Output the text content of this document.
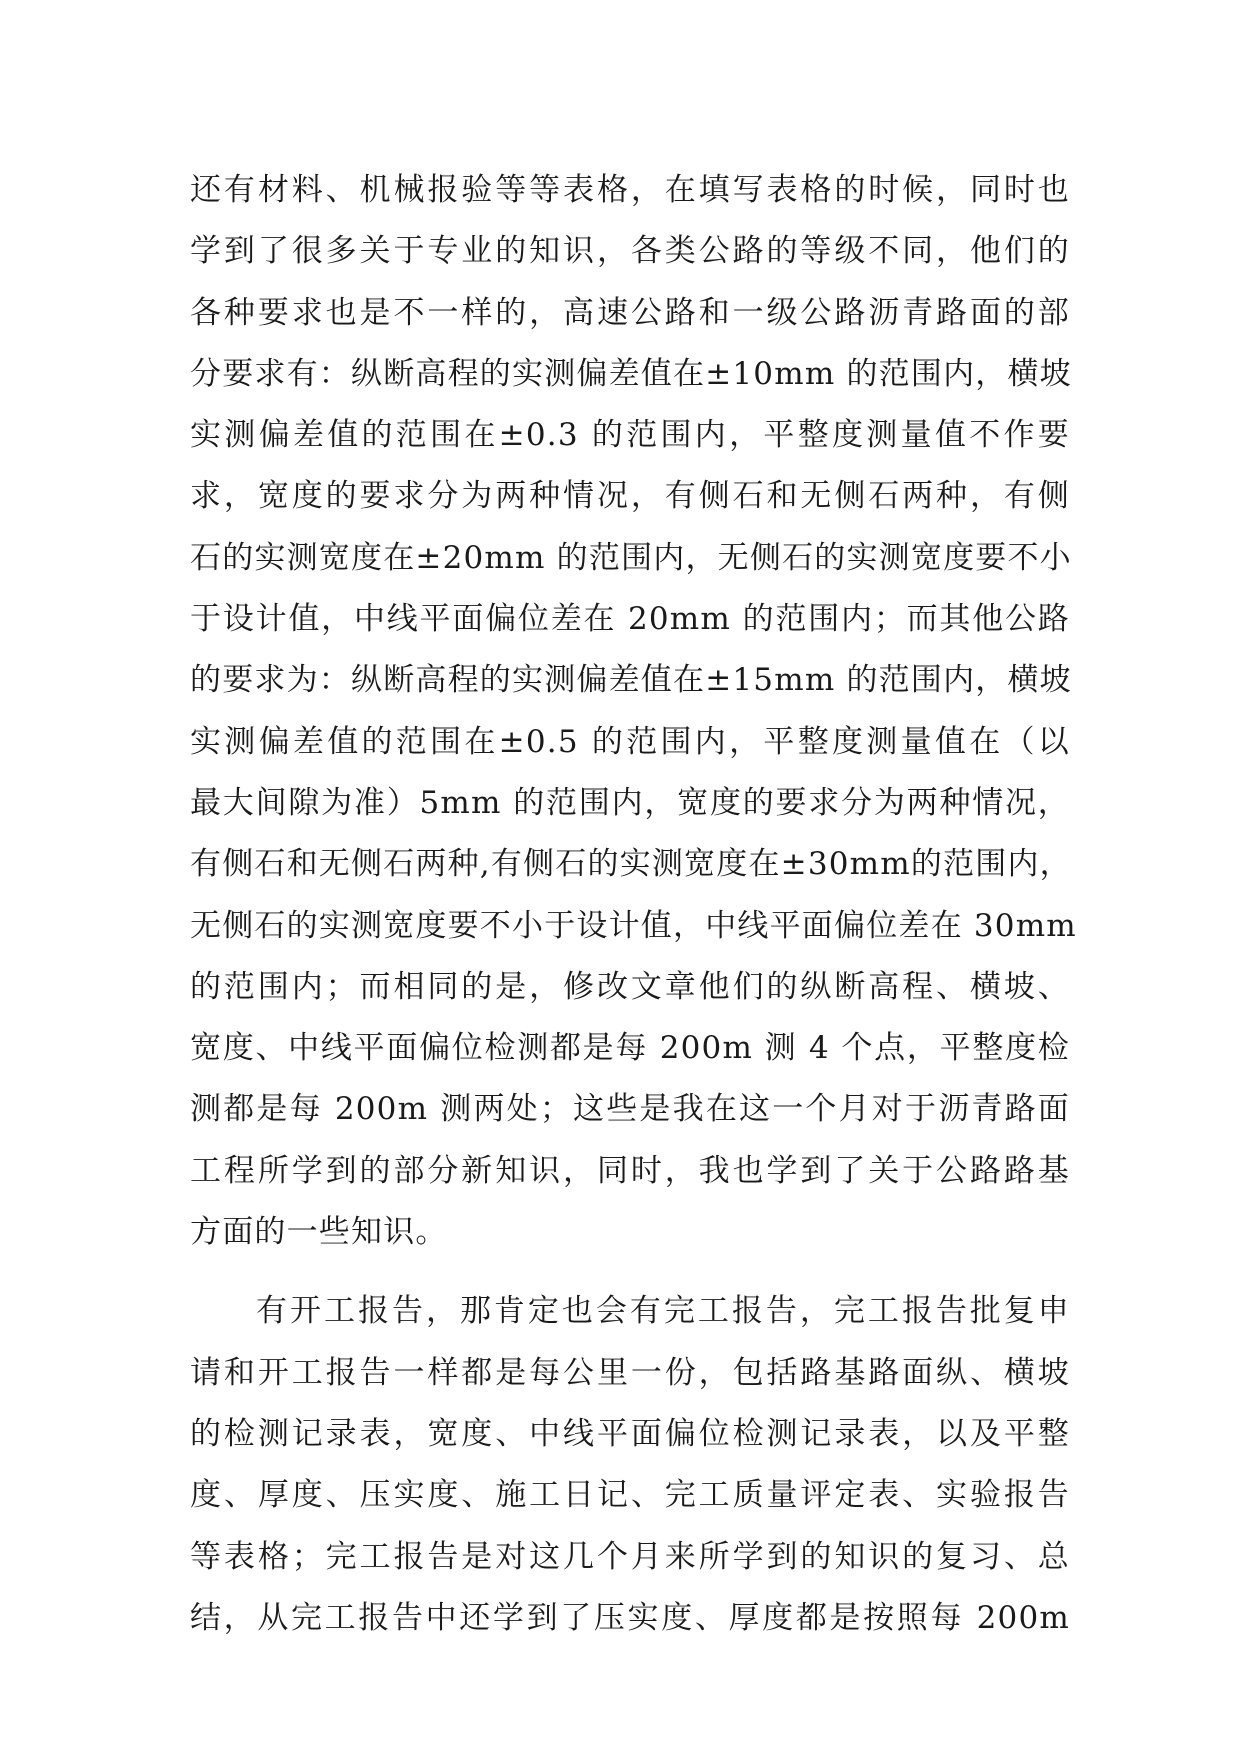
还有材料、机械报验等等表格，在填写表格的时候，同时也
学到了很多关于专业的知识，各类公路的等级不同，他们的
各种要求也是不一样的，高速公路和一级公路沥青路面的部
分要求有：纵断高程的实测偏差值在±10mm 的范围内，横坡
实测偏差值的范围在±0.3 的范围内，平整度测量值不作要
求，宽度的要求分为两种情况，有侧石和无侧石两种，有侧
石的实测宽度在±20mm 的范围内，无侧石的实测宽度要不小
于设计值，中线平面偏位差在 20mm 的范围内；而其他公路
的要求为：纵断高程的实测偏差值在±15mm 的范围内，横坡
实测偏差值的范围在±0.5 的范围内，平整度测量值在（以
最大间隙为准）5mm 的范围内，宽度的要求分为两种情况，
有侧石和无侧石两种,有侧石的实测宽度在±30mm的范围内，
无侧石的实测宽度要不小于设计值，中线平面偏位差在 30mm
的范围内；而相同的是，修改文章他们的纵断高程、横坡、
宽度、中线平面偏位检测都是每 200m 测 4 个点，平整度检
测都是每 200m 测两处；这些是我在这一个月对于沥青路面
工程所学到的部分新知识，同时，我也学到了关于公路路基
方面的一些知识。
有开工报告，那肯定也会有完工报告，完工报告批复申
请和开工报告一样都是每公里一份，包括路基路面纵、横坡
的检测记录表，宽度、中线平面偏位检测记录表，以及平整
度、厚度、压实度、施工日记、完工质量评定表、实验报告
等表格；完工报告是对这几个月来所学到的知识的复习、总
结，从完工报告中还学到了压实度、厚度都是按照每 200m
